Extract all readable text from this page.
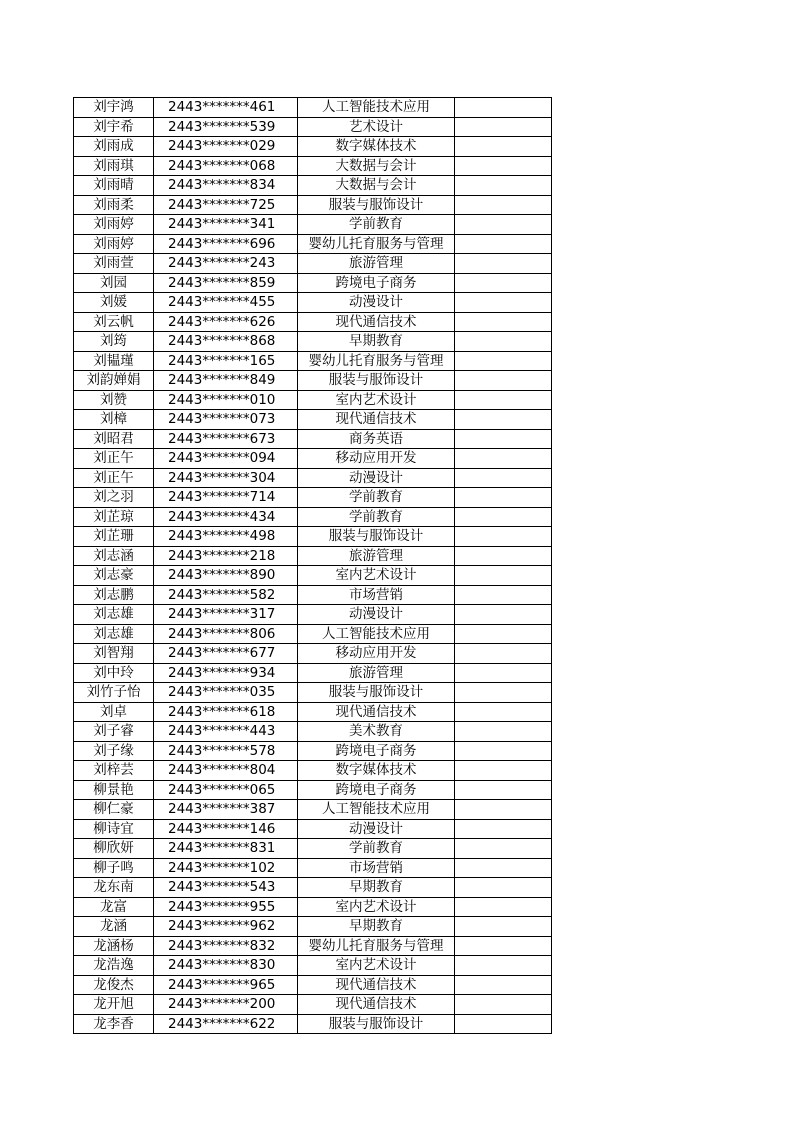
刘宇鸿	2443*******461	人工智能技术应用	
刘宇希	2443*******539	艺术设计	
刘雨成	2443*******029	数字媒体技术	
刘雨琪	2443*******068	大数据与会计	
刘雨晴	2443*******834	大数据与会计	
刘雨柔	2443*******725	服装与服饰设计	
刘雨婷	2443*******341	学前教育	
刘雨婷	2443*******696	婴幼儿托育服务与管理	
刘雨萱	2443*******243	旅游管理	
刘园	2443*******859	跨境电子商务	
刘媛	2443*******455	动漫设计	
刘云帆	2443*******626	现代通信技术	
刘筠	2443*******868	早期教育	
刘韫瑾	2443*******165	婴幼儿托育服务与管理	
刘韵婵娟	2443*******849	服装与服饰设计	
刘赞	2443*******010	室内艺术设计	
刘樟	2443*******073	现代通信技术	
刘昭君	2443*******673	商务英语	
刘正午	2443*******094	移动应用开发	
刘正午	2443*******304	动漫设计	
刘之羽	2443*******714	学前教育	
刘芷琼	2443*******434	学前教育	
刘芷珊	2443*******498	服装与服饰设计	
刘志涵	2443*******218	旅游管理	
刘志豪	2443*******890	室内艺术设计	
刘志鹏	2443*******582	市场营销	
刘志雄	2443*******317	动漫设计	
刘志雄	2443*******806	人工智能技术应用	
刘智翔	2443*******677	移动应用开发	
刘中玲	2443*******934	旅游管理	
刘竹子怡	2443*******035	服装与服饰设计	
刘卓	2443*******618	现代通信技术	
刘子睿	2443*******443	美术教育	
刘子缘	2443*******578	跨境电子商务	
刘梓芸	2443*******804	数字媒体技术	
柳景艳	2443*******065	跨境电子商务	
柳仁豪	2443*******387	人工智能技术应用	
柳诗宜	2443*******146	动漫设计	
柳欣妍	2443*******831	学前教育	
柳子鸣	2443*******102	市场营销	
龙东南	2443*******543	早期教育	
龙富	2443*******955	室内艺术设计	
龙涵	2443*******962	早期教育	
龙涵杨	2443*******832	婴幼儿托育服务与管理	
龙浩逸	2443*******830	室内艺术设计	
龙俊杰	2443*******965	现代通信技术	
龙开旭	2443*******200	现代通信技术	
龙李香	2443*******622	服装与服饰设计	
